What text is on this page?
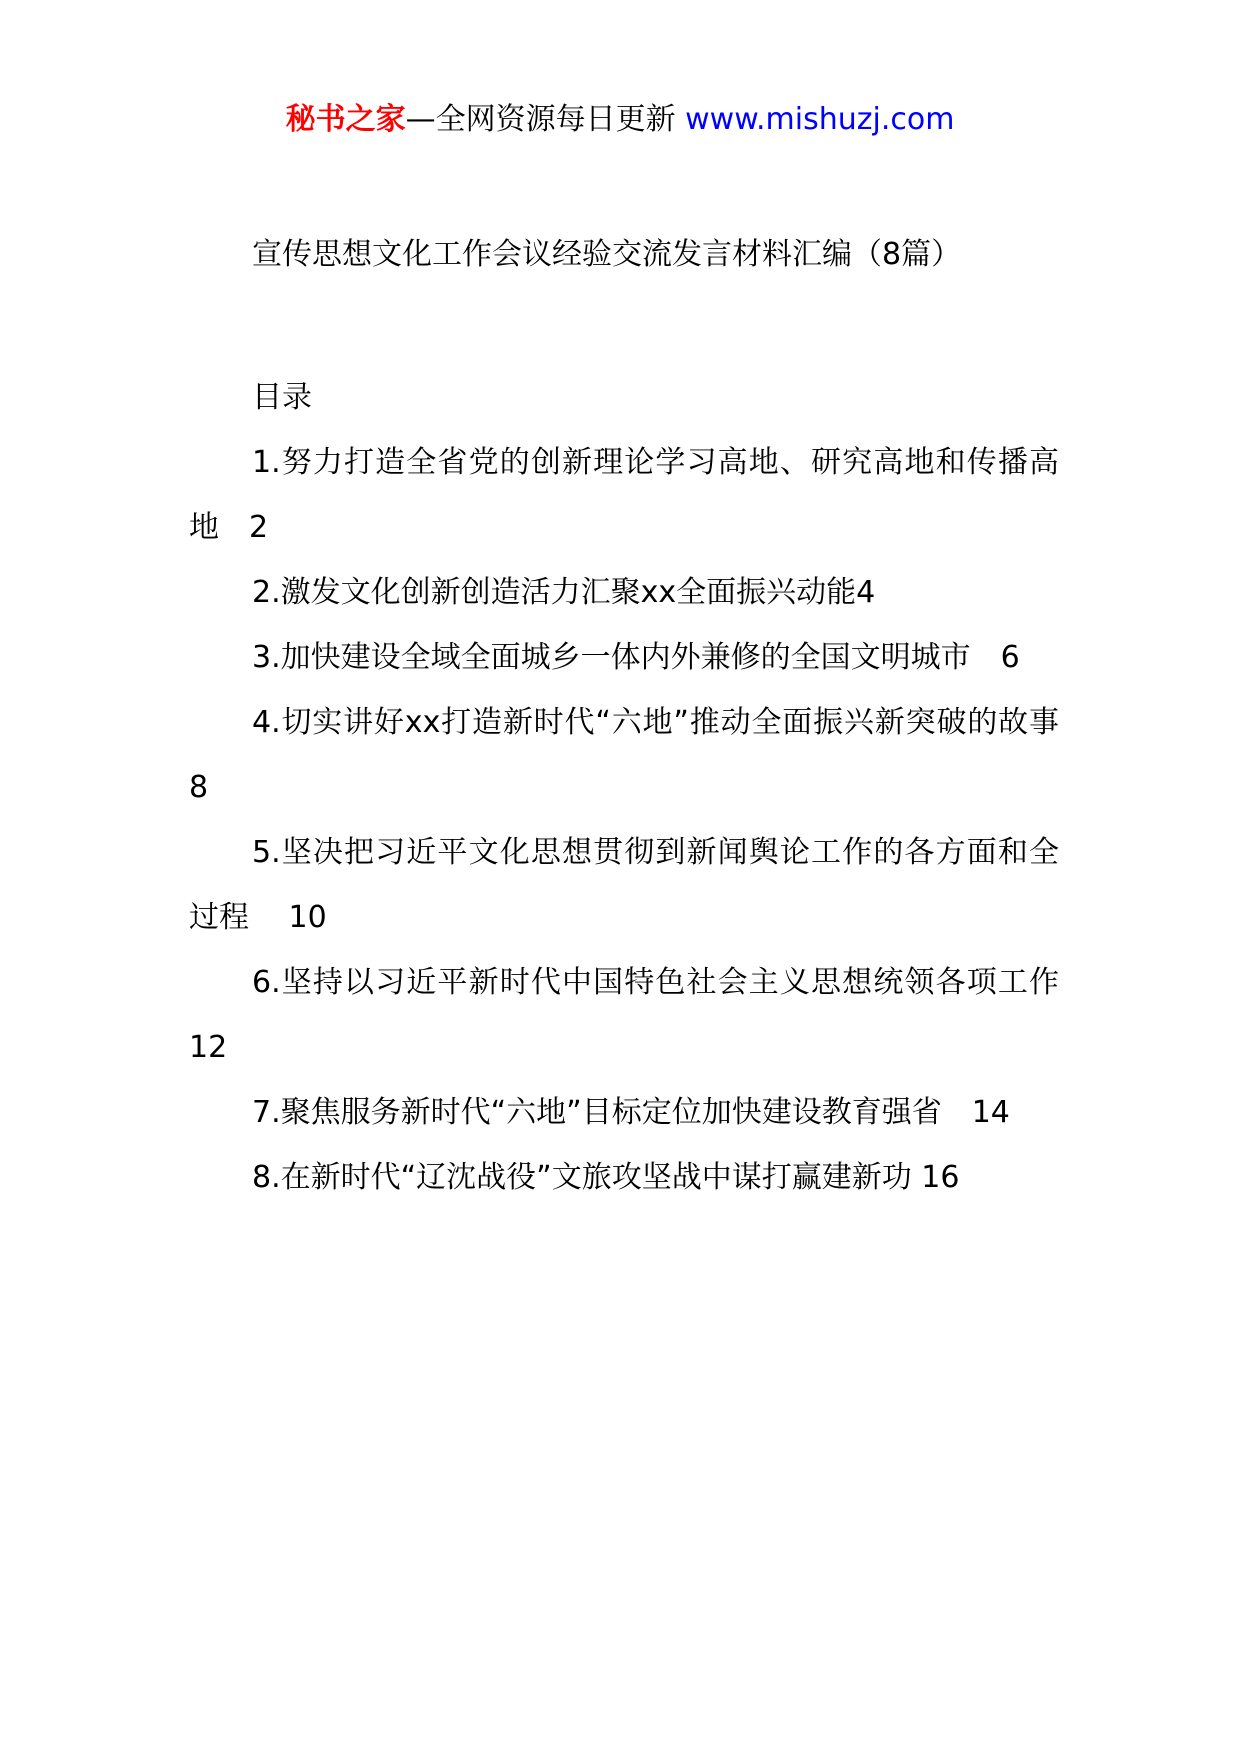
秘书之家—全网资源每日更新 www.mishuzj.com
宣传思想文化工作会议经验交流发言材料汇编（8篇）
目录
1.努力打造全省党的创新理论学习高地、研究高地和传播高地　2
2.激发文化创新创造活力汇聚xx全面振兴动能4
3.加快建设全域全面城乡一体内外兼修的全国文明城市　6
4.切实讲好xx打造新时代“六地”推动全面振兴新突破的故事　8
5.坚决把习近平文化思想贯彻到新闻舆论工作的各方面和全过程　 10
6.坚持以习近平新时代中国特色社会主义思想统领各项工作 12
7.聚焦服务新时代“六地”目标定位加快建设教育强省　14
8.在新时代“辽沈战役”文旅攻坚战中谋打赢建新功 16
